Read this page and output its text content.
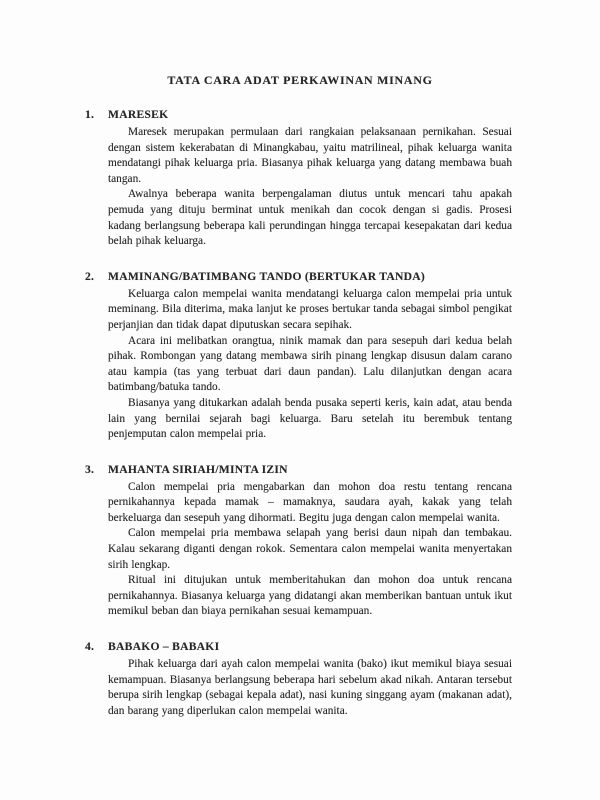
TATA CARA ADAT PERKAWINAN MINANG
1.	MARESEK

Maresek merupakan permulaan dari rangkaian pelaksanaan pernikahan. Sesuai dengan sistem kekerabatan di Minangkabau, yaitu matrilineal, pihak keluarga wanita mendatangi pihak keluarga pria. Biasanya pihak keluarga yang datang membawa buah tangan.

Awalnya beberapa wanita berpengalaman diutus untuk mencari tahu apakah pemuda yang dituju berminat untuk menikah dan cocok dengan si gadis. Prosesi kadang berlangsung beberapa kali perundingan hingga tercapai kesepakatan dari kedua belah pihak keluarga.

2.	MAMINANG/BATIMBANG TANDO (BERTUKAR TANDA)

Keluarga calon mempelai wanita mendatangi keluarga calon mempelai pria untuk meminang. Bila diterima, maka lanjut ke proses bertukar tanda sebagai simbol pengikat perjanjian dan tidak dapat diputuskan secara sepihak.

Acara ini melibatkan orangtua, ninik mamak dan para sesepuh dari kedua belah pihak. Rombongan yang datang membawa sirih pinang lengkap disusun dalam carano atau kampia (tas yang terbuat dari daun pandan). Lalu dilanjutkan dengan acara batimbang/batuka tando.

Biasanya yang ditukarkan adalah benda pusaka seperti keris, kain adat, atau benda lain yang bernilai sejarah bagi keluarga. Baru setelah itu berembuk tentang penjemputan calon mempelai pria.

3.	MAHANTA SIRIAH/MINTA IZIN

Calon mempelai pria mengabarkan dan mohon doa restu tentang rencana pernikahannya kepada mamak – mamaknya, saudara ayah, kakak yang telah berkeluarga dan sesepuh yang dihormati. Begitu juga dengan calon mempelai wanita.

Calon mempelai pria membawa selapah yang berisi daun nipah dan tembakau. Kalau sekarang diganti dengan rokok. Sementara calon mempelai wanita menyertakan sirih lengkap.

Ritual ini ditujukan untuk memberitahukan dan mohon doa untuk rencana pernikahannya. Biasanya keluarga yang didatangi akan memberikan bantuan untuk ikut memikul beban dan biaya pernikahan sesuai kemampuan.

4.	BABAKO – BABAKI

Pihak keluarga dari ayah calon mempelai wanita (bako) ikut memikul biaya sesuai kemampuan. Biasanya berlangsung beberapa hari sebelum akad nikah. Antaran tersebut berupa sirih lengkap (sebagai kepala adat), nasi kuning singgang ayam (makanan adat), dan barang yang diperlukan calon mempelai wanita.
